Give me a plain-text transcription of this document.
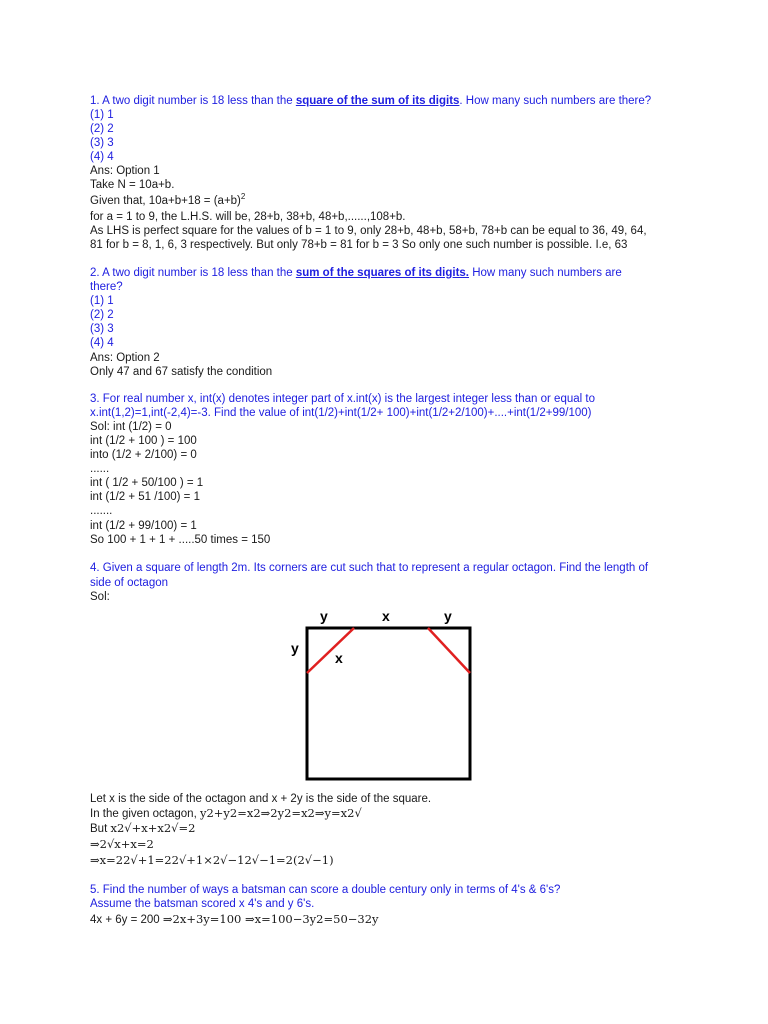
1. A two digit number is 18 less than the square of the sum of its digits. How many such numbers are there?
(1) 1
(2) 2
(3) 3
(4) 4
Ans: Option 1
Take N = 10a+b.
Given that, $10a+b+18 = (a+b)^2$
for a = 1 to 9, the L.H.S. will be, 28+b, 38+b, 48+b,......,108+b.
As LHS is perfect square for the values of b = 1 to 9, only 28+b, 48+b, 58+b, 78+b can be equal to 36, 49, 64,
81 for b = 8, 1, 6, 3 respectively. But only 78+b = 81 for b = 3 So only one such number is possible. I.e, 63
2. A two digit number is 18 less than the sum of the squares of its digits. How many such numbers are
there?
(1) 1
(2) 2
(3) 3
(4) 4
Ans: Option 2
Only 47 and 67 satisfy the condition
3. For real number x, int(x) denotes integer part of x.int(x) is the largest integer less than or equal to
x.int(1,2)=1,int(-2,4)=-3. Find the value of int(1/2)+int(1/2+ 100)+int(1/2+2/100)+....+int(1/2+99/100)
Sol: int (1/2) = 0
int (1/2 + 100 ) = 100
into (1/2 + 2/100) = 0
......
int ( 1/2 + 50/100 ) = 1
int (1/2 + 51 /100) = 1
.......
int (1/2 + 99/100) = 1
So 100 + 1 + 1 + .....50 times = 150
4. Given a square of length 2m. Its corners are cut such that to represent a regular octagon. Find the length of
side of octagon
Sol:
y	x	y
y
x
Let x is the side of the octagon and x + 2y is the side of the square.
In the given octagon, y2+y2=x2⇒2y2=x2⇒y=x2√
But x2√+x+x2√=2
⇒2√x+x=2
⇒x=22√+1=22√+1×2√−12√−1=2(2√−1)
5. Find the number of ways a batsman can score a double century only in terms of 4's & 6's?
Assume the batsman scored x 4's and y 6's.
4x + 6y = 200 ⇒2x+3y=100 ⇒x=100−3y2=50−32y
